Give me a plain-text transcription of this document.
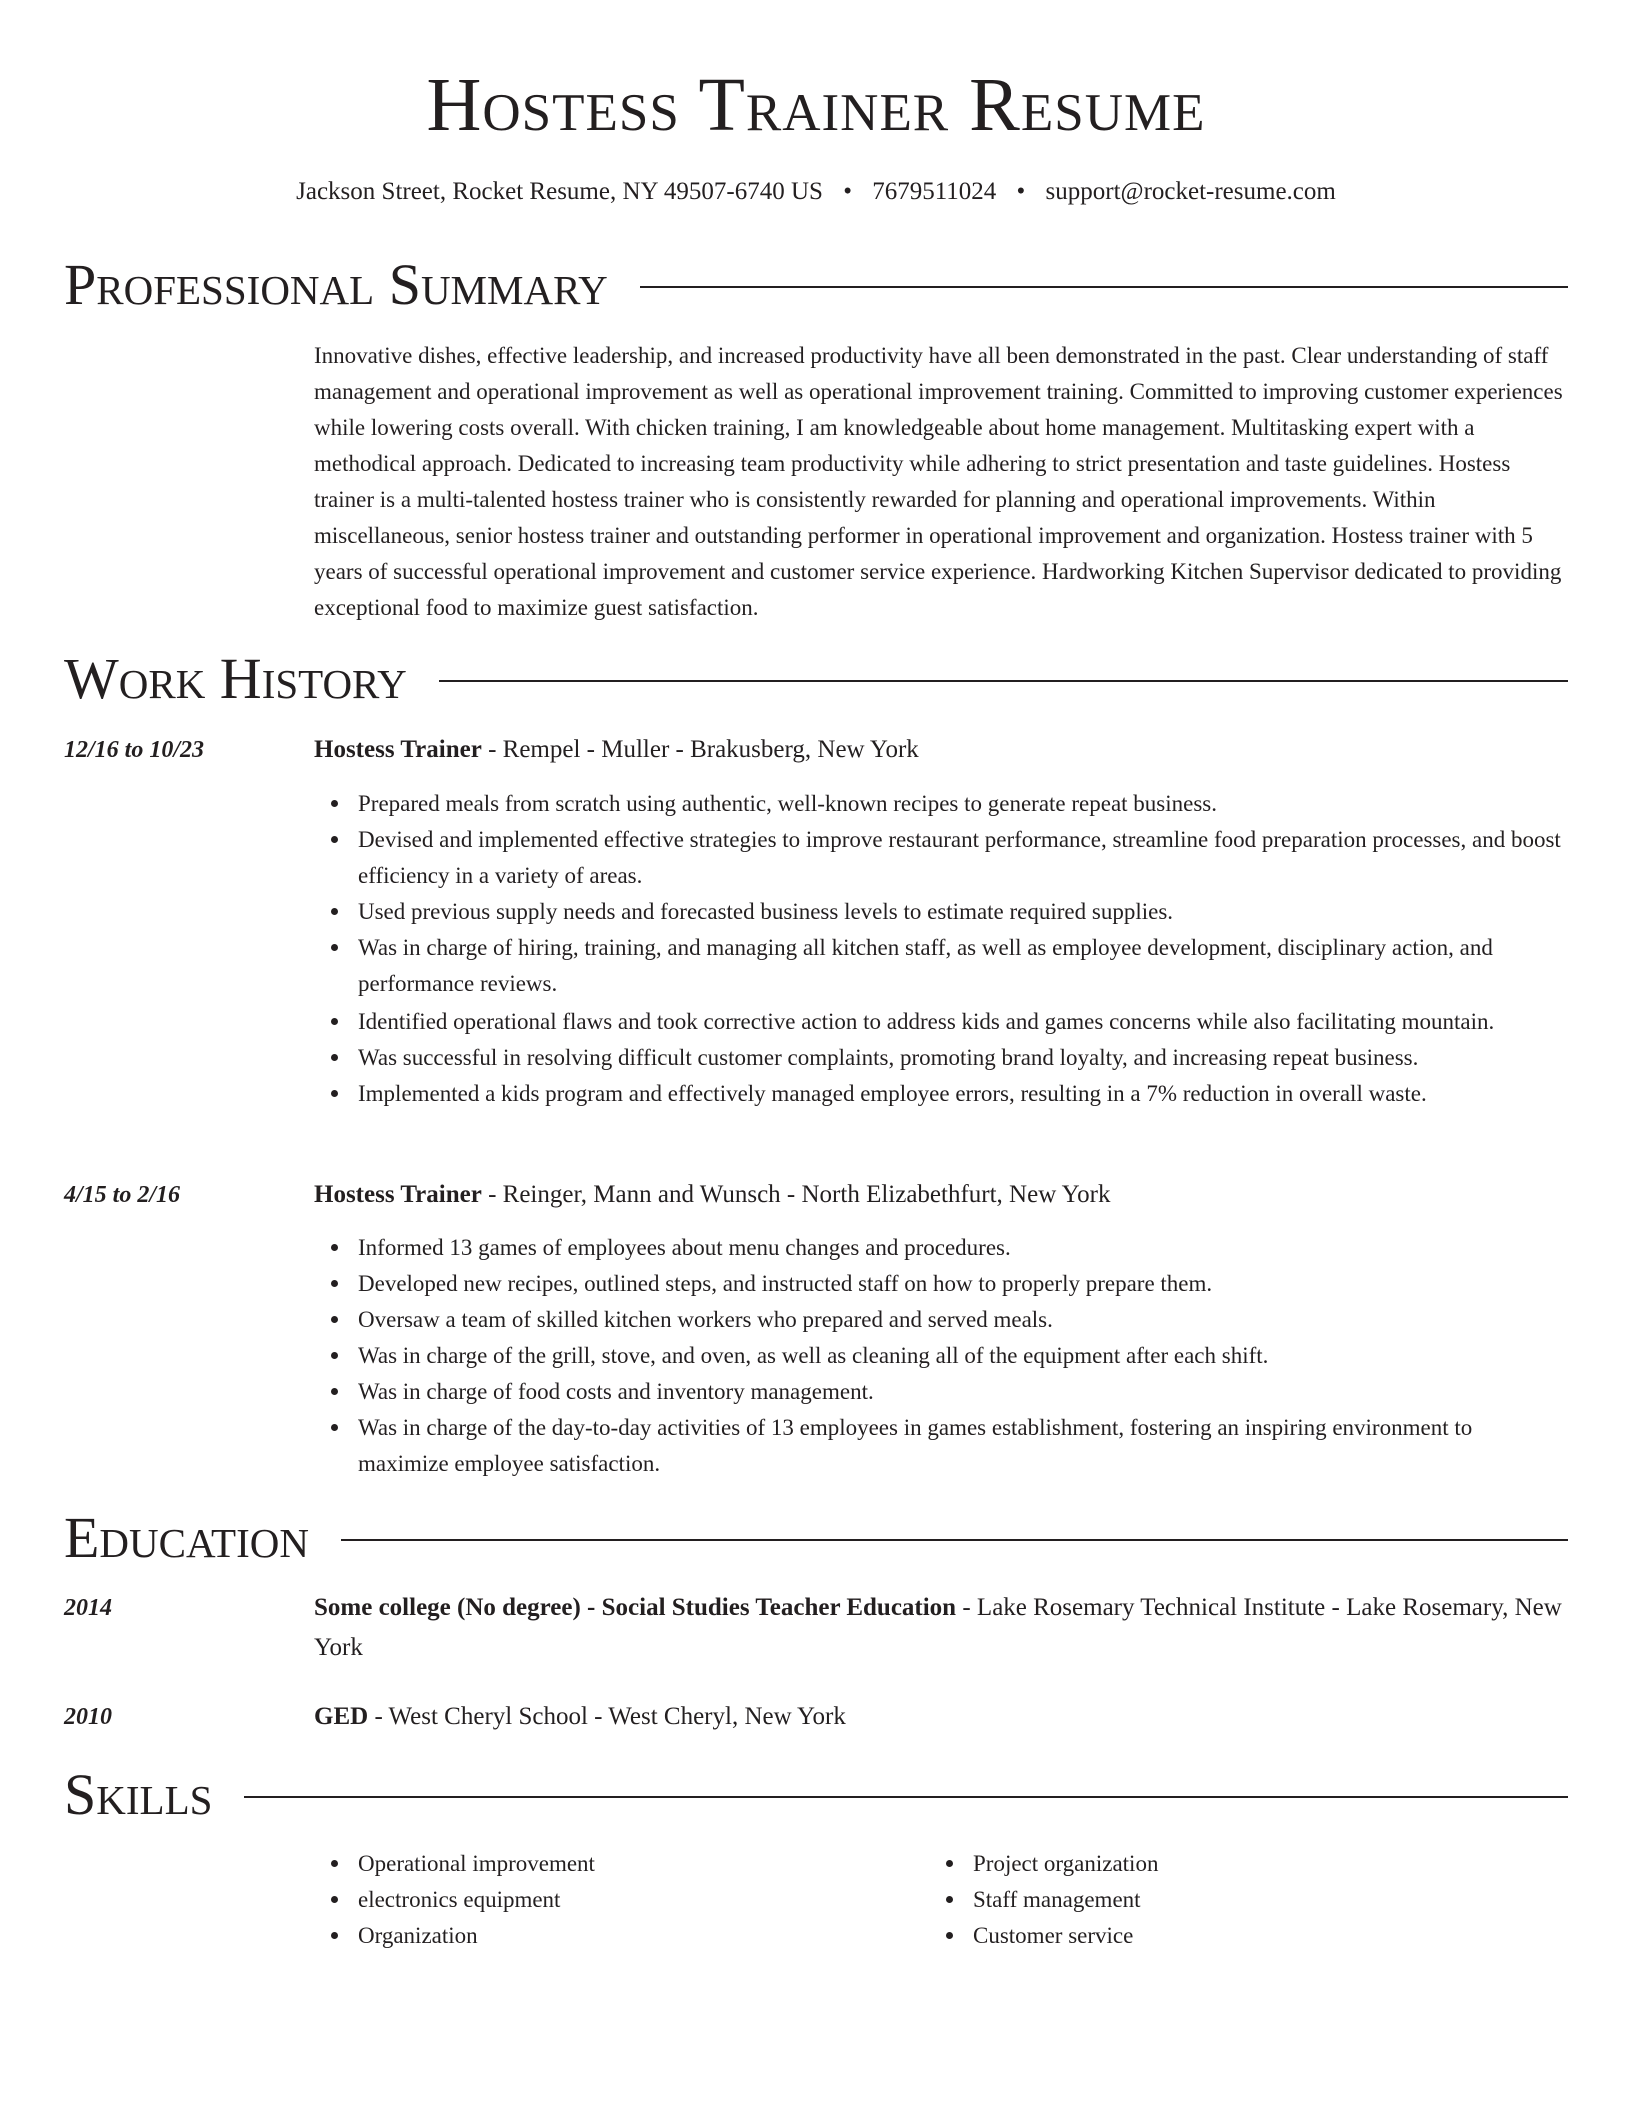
Hostess Trainer Resume
Jackson Street, Rocket Resume, NY 49507-6740 US • 7679511024 • support@rocket-resume.com
Professional Summary

Innovative dishes, effective leadership, and increased productivity have all been demonstrated in the past. Clear understanding of staff management and operational improvement as well as operational improvement training. Committed to improving customer experiences while lowering costs overall. With chicken training, I am knowledgeable about home management. Multitasking expert with a methodical approach. Dedicated to increasing team productivity while adhering to strict presentation and taste guidelines. Hostess trainer is a multi-talented hostess trainer who is consistently rewarded for planning and operational improvements. Within miscellaneous, senior hostess trainer and outstanding performer in operational improvement and organization. Hostess trainer with 5 years of successful operational improvement and customer service experience. Hardworking Kitchen Supervisor dedicated to providing exceptional food to maximize guest satisfaction.

Work History
12/16 to 10/23	Hostess Trainer - Rempel - Muller - Brakusberg, New York
Prepared meals from scratch using authentic, well-known recipes to generate repeat business.
Devised and implemented effective strategies to improve restaurant performance, streamline food preparation processes, and boost efficiency in a variety of areas.
Used previous supply needs and forecasted business levels to estimate required supplies.
Was in charge of hiring, training, and managing all kitchen staff, as well as employee development, disciplinary action, and performance reviews.
Identified operational flaws and took corrective action to address kids and games concerns while also facilitating mountain.
Was successful in resolving difficult customer complaints, promoting brand loyalty, and increasing repeat business.
Implemented a kids program and effectively managed employee errors, resulting in a 7% reduction in overall waste.
4/15 to 2/16	Hostess Trainer - Reinger, Mann and Wunsch - North Elizabethfurt, New York
Informed 13 games of employees about menu changes and procedures.
Developed new recipes, outlined steps, and instructed staff on how to properly prepare them.
Oversaw a team of skilled kitchen workers who prepared and served meals.
Was in charge of the grill, stove, and oven, as well as cleaning all of the equipment after each shift.
Was in charge of food costs and inventory management.
Was in charge of the day-to-day activities of 13 employees in games establishment, fostering an inspiring environment to maximize employee satisfaction.
Education
2014	Some college (No degree) - Social Studies Teacher Education - Lake Rosemary Technical Institute - Lake Rosemary, New York
2010	GED - West Cheryl School - West Cheryl, New York
Skills
Operational improvement
electronics equipment
Organization
Project organization
Staff management
Customer service
